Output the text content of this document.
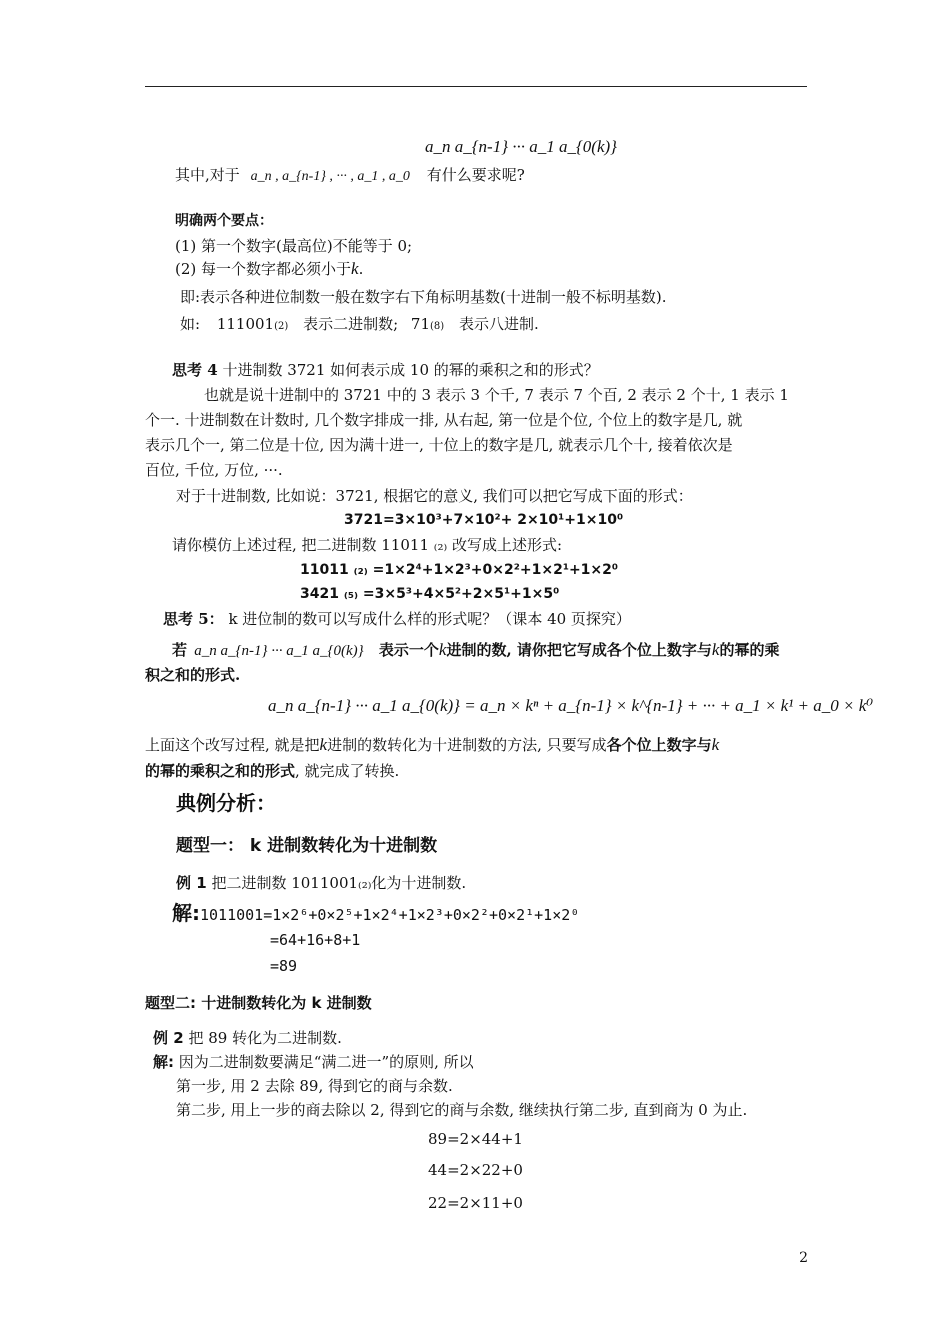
a_n a_{n-1} ··· a_1 a_{0(k)}
其中,对于 a_n , a_{n-1} , ··· , a_1 , a_0 有什么要求呢?
明确两个要点：
(1) 第一个数字(最高位)不能等于 0;
(2) 每一个数字都必须小于k.
即:表示各种进位制数一般在数字右下角标明基数(十进制一般不标明基数).
如: 111001(2) 表示二进制数; 71(8) 表示八进制.
思考 4 十进制数 3721 如何表示成 10 的幂的乘积之和的形式？
也就是说十进制中的 3721 中的 3 表示 3 个千, 7 表示 7 个百, 2 表示 2 个十, 1 表示 1
个一. 十进制数在计数时, 几个数字排成一排, 从右起, 第一位是个位, 个位上的数字是几, 就
表示几个一, 第二位是十位, 因为满十进一, 十位上的数字是几, 就表示几个十, 接着依次是
百位, 千位, 万位, ···.
对于十进制数, 比如说：3721, 根据它的意义, 我们可以把它写成下面的形式：
3721=3×10³+7×10²+ 2×10¹+1×10⁰
请你模仿上述过程, 把二进制数 11011 ₍₂₎ 改写成上述形式:
11011 ₍₂₎ =1×2⁴+1×2³+0×2²+1×2¹+1×2⁰
3421 ₍₅₎ =3×5³+4×5²+2×5¹+1×5⁰
思考 5： k 进位制的数可以写成什么样的形式呢？（课本 40 页探究）
若 a_n a_{n-1} ··· a_1 a_{0(k)} 表示一个k进制的数, 请你把它写成各个位上数字与k的幂的乘
积之和的形式.
a_n a_{n-1} ··· a_1 a_{0(k)} = a_n × kⁿ + a_{n-1} × k^{n-1} + ··· + a_1 × k¹ + a_0 × k⁰
上面这个改写过程, 就是把k进制的数转化为十进制数的方法, 只要写成各个位上数字与k
的幂的乘积之和的形式, 就完成了转换.
典例分析：
题型一： k 进制数转化为十进制数
例 1 把二进制数 1011001₍₂₎化为十进制数.
解:1011001=1×2⁶+0×2⁵+1×2⁴+1×2³+0×2²+0×2¹+1×2⁰
=64+16+8+1
=89
题型二: 十进制数转化为 k 进制数
例 2 把 89 转化为二进制数.
解: 因为二进制数要满足“满二进一”的原则, 所以
第一步, 用 2 去除 89, 得到它的商与余数.
第二步, 用上一步的商去除以 2, 得到它的商与余数, 继续执行第二步, 直到商为 0 为止.
89=2×44+1
44=2×22+0
22=2×11+0
2
